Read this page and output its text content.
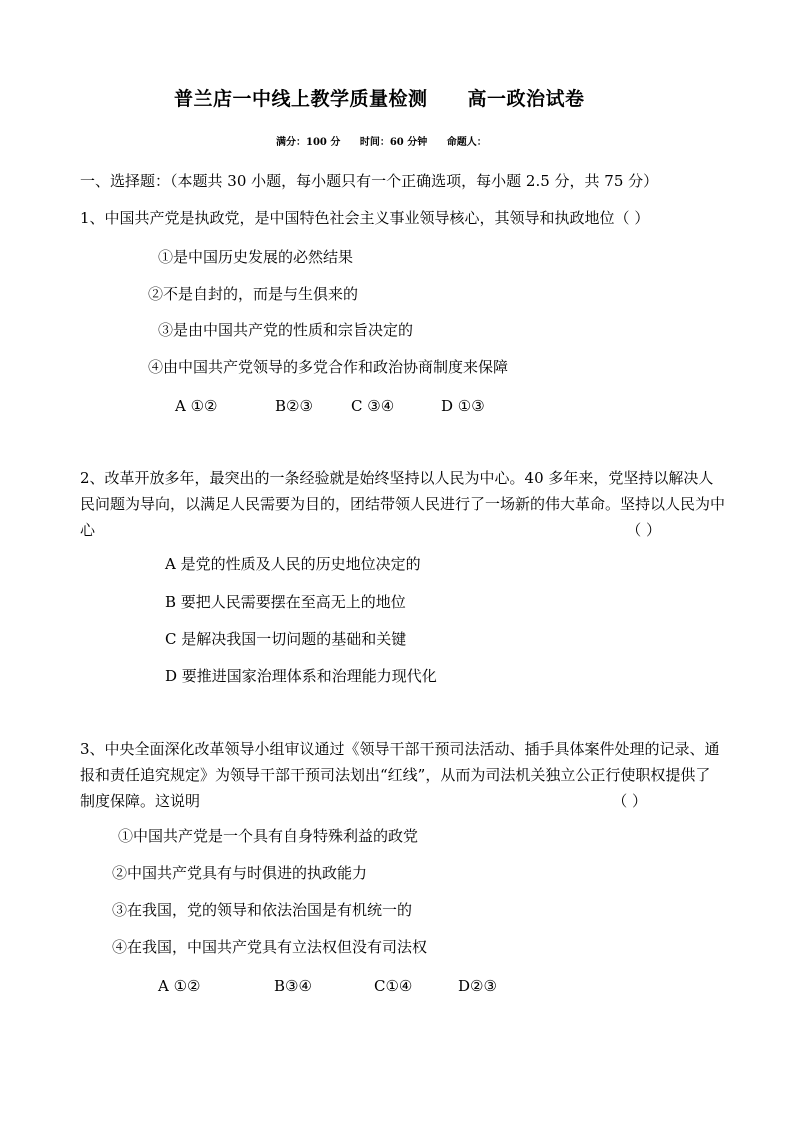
普兰店一中线上教学质量检测 高一政治试卷
满分：100 分 时间：60 分钟 命题人：
一、选择题：（本题共 30 小题，每小题只有一个正确选项，每小题 2.5 分，共 75 分）
1、中国共产党是执政党，是中国特色社会主义事业领导核心，其领导和执政地位（ ）
①是中国历史发展的必然结果
②不是自封的，而是与生俱来的
③是由中国共产党的性质和宗旨决定的
④由中国共产党领导的多党合作和政治协商制度来保障
A ①②	B②③	C ③④	D ①③
2、改革开放多年，最突出的一条经验就是始终坚持以人民为中心。40 多年来，党坚持以解决人民问题为导向，以满足人民需要为目的，团结带领人民进行了一场新的伟大革命。坚持以人民为中心	（ ）
A 是党的性质及人民的历史地位决定的
B 要把人民需要摆在至高无上的地位
C 是解决我国一切问题的基础和关键
D 要推进国家治理体系和治理能力现代化
3、中央全面深化改革领导小组审议通过《领导干部干预司法活动、插手具体案件处理的记录、通报和责任追究规定》为领导干部干预司法划出“红线”，从而为司法机关独立公正行使职权提供了制度保障。这说明	（ ）
①中国共产党是一个具有自身特殊利益的政党
②中国共产党具有与时俱进的执政能力
③在我国，党的领导和依法治国是有机统一的
④在我国，中国共产党具有立法权但没有司法权
A ①②	B③④	C①④	D②③
